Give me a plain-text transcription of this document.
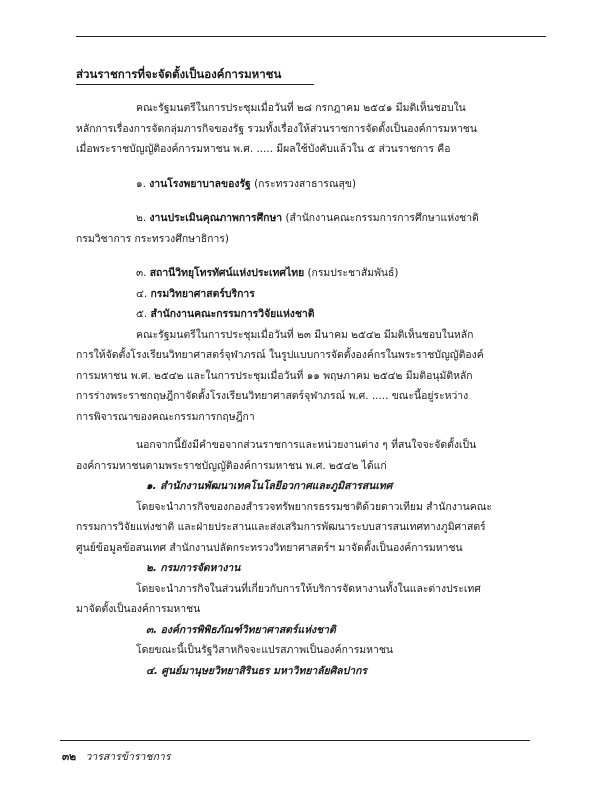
ส่วนราชการที่จะจัดตั้งเป็นองค์การมหาชน
คณะรัฐมนตรีในการประชุมเมื่อวันที่ ๒๘ กรกฎาคม ๒๕๔๑ มีมติเห็นชอบใน
หลักการเรื่องการจัดกลุ่มภารกิจของรัฐ รวมทั้งเรื่องให้ส่วนราชการจัดตั้งเป็นองค์การมหาชน
เมื่อพระราชบัญญัติองค์การมหาชน พ.ศ. ..... มีผลใช้บังคับแล้วใน ๕ ส่วนราชการ คือ
๑. งานโรงพยาบาลของรัฐ (กระทรวงสาธารณสุข)
๒. งานประเมินคุณภาพการศึกษา (สำนักงานคณะกรรมการการศึกษาแห่งชาติ
กรมวิชาการ กระทรวงศึกษาธิการ)
๓. สถานีวิทยุโทรทัศน์แห่งประเทศไทย (กรมประชาสัมพันธ์)
๔. กรมวิทยาศาสตร์บริการ
๕. สำนักงานคณะกรรมการวิจัยแห่งชาติ
คณะรัฐมนตรีในการประชุมเมื่อวันที่ ๒๓ มีนาคม ๒๕๔๒ มีมติเห็นชอบในหลัก
การให้จัดตั้งโรงเรียนวิทยาศาสตร์จุฬาภรณ์ ในรูปแบบการจัดตั้งองค์กรในพระราชบัญญัติองค์
การมหาชน พ.ศ. ๒๕๔๒ และในการประชุมเมื่อวันที่ ๑๑ พฤษภาคม ๒๕๔๒ มีมติอนุมัติหลัก
การร่างพระราชกฤษฎีกาจัดตั้งโรงเรียนวิทยาศาสตร์จุฬาภรณ์ พ.ศ. ..... ขณะนี้อยู่ระหว่าง
การพิจารณาของคณะกรรมการกฤษฎีกา
นอกจากนี้ยังมีคำขอจากส่วนราชการและหน่วยงานต่าง ๆ ที่สนใจจะจัดตั้งเป็น
องค์การมหาชนตามพระราชบัญญัติองค์การมหาชน พ.ศ. ๒๕๔๒ ได้แก่
๑. สำนักงานพัฒนาเทคโนโลยีอวกาศและภูมิสารสนเทศ
โดยจะนำภารกิจของกองสำรวจทรัพยากรธรรมชาติด้วยดาวเทียม สำนักงานคณะ
กรรมการวิจัยแห่งชาติ และฝ่ายประสานและส่งเสริมการพัฒนาระบบสารสนเทศทางภูมิศาสตร์
ศูนย์ข้อมูลข้อสนเทศ สำนักงานปลัดกระทรวงวิทยาศาสตร์ฯ มาจัดตั้งเป็นองค์การมหาชน
๒. กรมการจัดหางาน
โดยจะนำภารกิจในส่วนที่เกี่ยวกับการให้บริการจัดหางานทั้งในและต่างประเทศ
มาจัดตั้งเป็นองค์การมหาชน
๓. องค์การพิพิธภัณฑ์วิทยาศาสตร์แห่งชาติ
โดยขณะนี้เป็นรัฐวิสาหกิจจะแปรสภาพเป็นองค์การมหาชน
๔. ศูนย์มานุษยวิทยาสิรินธร มหาวิทยาลัยศิลปากร
๓๒ วารสารข้าราชการ
